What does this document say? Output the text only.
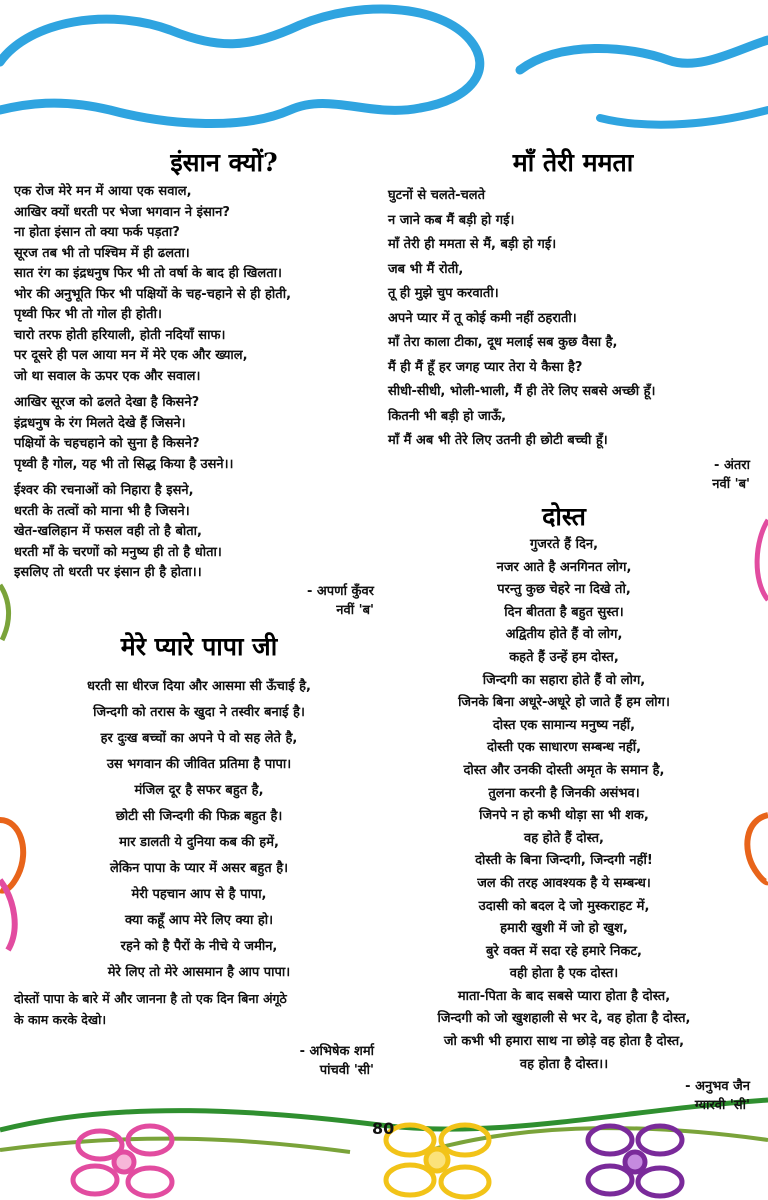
इंसान क्यों?
एक रोज मेरे मन में आया एक सवाल,
आखिर क्यों धरती पर भेजा भगवान ने इंसान?
ना होता इंसान तो क्या फर्क पड़ता?
सूरज तब भी तो पश्चिम में ही ढलता।
सात रंग का इंद्रधनुष फिर भी तो वर्षा के बाद ही खिलता।
भोर की अनुभूति फिर भी पक्षियों के चह-चहाने से ही होती,
पृथ्वी फिर भी तो गोल ही होती।
चारो तरफ होती हरियाली, होती नदियाँ साफ।
पर दूसरे ही पल आया मन में मेरे एक और ख्याल,
जो था सवाल के ऊपर एक और सवाल।
आखिर सूरज को ढलते देखा है किसने?
इंद्रधनुष के रंग मिलते देखे हैं जिसने।
पक्षियों के चहचहाने को सुना है किसने?
पृथ्वी है गोल, यह भी तो सिद्ध किया है उसने।।
ईश्वर की रचनाओं को निहारा है इसने,
धरती के तत्वों को माना भी है जिसने।
खेत-खलिहान में फसल वही तो है बोता,
धरती माँ के चरणों को मनुष्य ही तो है धोता।
इसलिए तो धरती पर इंसान ही है होता।।
- अपर्णा कुँवर
नवीं 'ब'
माँ तेरी ममता
घुटनों से चलते-चलते
न जाने कब मैं बड़ी हो गई।
माँ तेरी ही ममता से मैं, बड़ी हो गई।
जब भी मैं रोती,
तू ही मुझे चुप करवाती।
अपने प्यार में तू कोई कमी नहीं ठहराती।
माँ तेरा काला टीका, दूध मलाई सब कुछ वैसा है,
मैं ही मैं हूँ हर जगह प्यार तेरा ये कैसा है?
सीधी-सीधी, भोली-भाली, मैं ही तेरे लिए सबसे अच्छी हूँ।
कितनी भी बड़ी हो जाऊँ,
माँ मैं अब भी तेरे लिए उतनी ही छोटी बच्ची हूँ।
- अंतरा
नवीं 'ब'
मेरे प्यारे पापा जी
धरती सा धीरज दिया और आसमा सी ऊँचाई है,
जिन्दगी को तरास के खुदा ने तस्वीर बनाई है।
हर दुःख बच्चों का अपने पे वो सह लेते है,
उस भगवान की जीवित प्रतिमा है पापा।
मंजिल दूर है सफर बहुत है,
छोटी सी जिन्दगी की फिक्र बहुत है।
मार डालती ये दुनिया कब की हमें,
लेकिन पापा के प्यार में असर बहुत है।
मेरी पहचान आप से है पापा,
क्या कहूँ आप मेरे लिए क्या हो।
रहने को है पैरों के नीचे ये जमीन,
मेरे लिए तो मेरे आसमान है आप पापा।
दोस्तों पापा के बारे में और जानना है तो एक दिन बिना अंगूठे
के काम करके देखो।
- अभिषेक शर्मा
पांचवी 'सी'
दोस्त
गुजरते हैं दिन,
नजर आते है अनगिनत लोग,
परन्तु कुछ चेहरे ना दिखे तो,
दिन बीतता है बहुत सुस्त।
अद्वितीय होते हैं वो लोग,
कहते हैं उन्हें हम दोस्त,
जिन्दगी का सहारा होते हैं वो लोग,
जिनके बिना अधूरे-अधूरे हो जाते हैं हम लोग।
दोस्त एक सामान्य मनुष्य नहीं,
दोस्ती एक साधारण सम्बन्ध नहीं,
दोस्त और उनकी दोस्ती अमृत के समान है,
तुलना करनी है जिनकी असंभव।
जिनपे न हो कभी थोड़ा सा भी शक,
वह होते हैं दोस्त,
दोस्ती के बिना जिन्दगी, जिन्दगी नहीं!
जल की तरह आवश्यक है ये सम्बन्ध।
उदासी को बदल दे जो मुस्कराहट में,
हमारी खुशी में जो हो खुश,
बुरे वक्त में सदा रहे हमारे निकट,
वही होता है एक दोस्त।
माता-पिता के बाद सबसे प्यारा होता है दोस्त,
जिन्दगी को जो खुशहाली से भर दे, वह होता है दोस्त,
जो कभी भी हमारा साथ ना छोड़े वह होता है दोस्त,
वह होता है दोस्त।।
- अनुभव जैन
ग्यारवी 'सी'
80
